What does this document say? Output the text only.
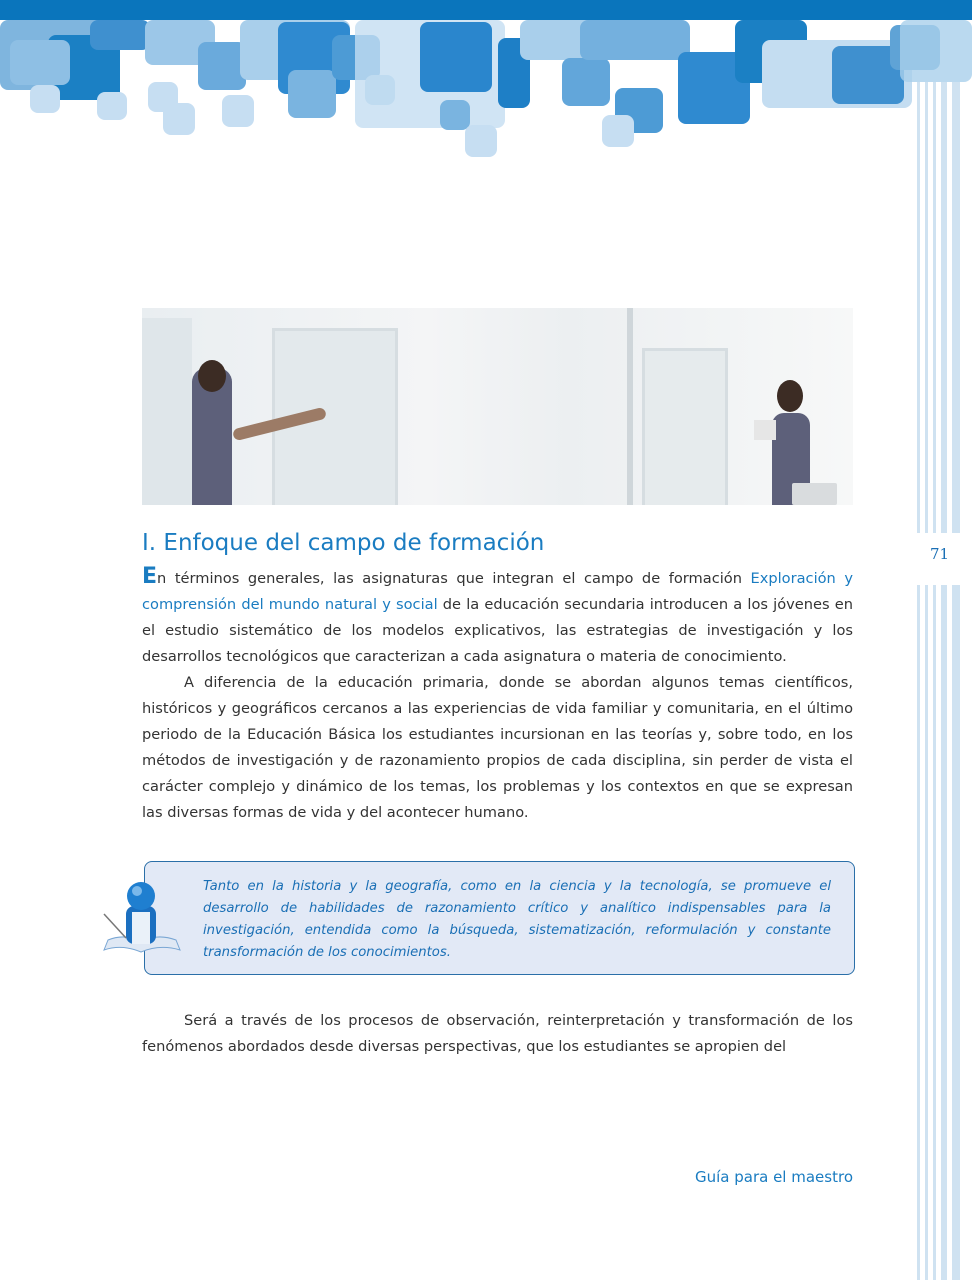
I. Enfoque del campo de formación	71

En términos generales, las asignaturas que integran el campo de formación Exploración y comprensión del mundo natural y social de la educación secundaria introducen a los jóvenes en el estudio sistemático de los modelos explicativos, las estrategias de investigación y los desarrollos tecnológicos que caracterizan a cada asignatura o materia de conocimiento.

A diferencia de la educación primaria, donde se abordan algunos temas científicos, históricos y geográficos cercanos a las experiencias de vida familiar y comunitaria, en el último periodo de la Educación Básica los estudiantes incursionan en las teorías y, sobre todo, en los métodos de investigación y de razonamiento propios de cada disciplina, sin perder de vista el carácter complejo y dinámico de los temas, los problemas y los contextos en que se expresan las diversas formas de vida y del acontecer humano.

Tanto en la historia y la geografía, como en la ciencia y la tecnología, se promueve el desarrollo de habilidades de razonamiento crítico y analítico indispensables para la investigación, entendida como la búsqueda, sistematización, reformulación y constante transformación de los conocimientos.
Será a través de los procesos de observación, reinterpretación y transformación de los fenómenos abordados desde diversas perspectivas, que los estudiantes se apropien del
Guía para el maestro
